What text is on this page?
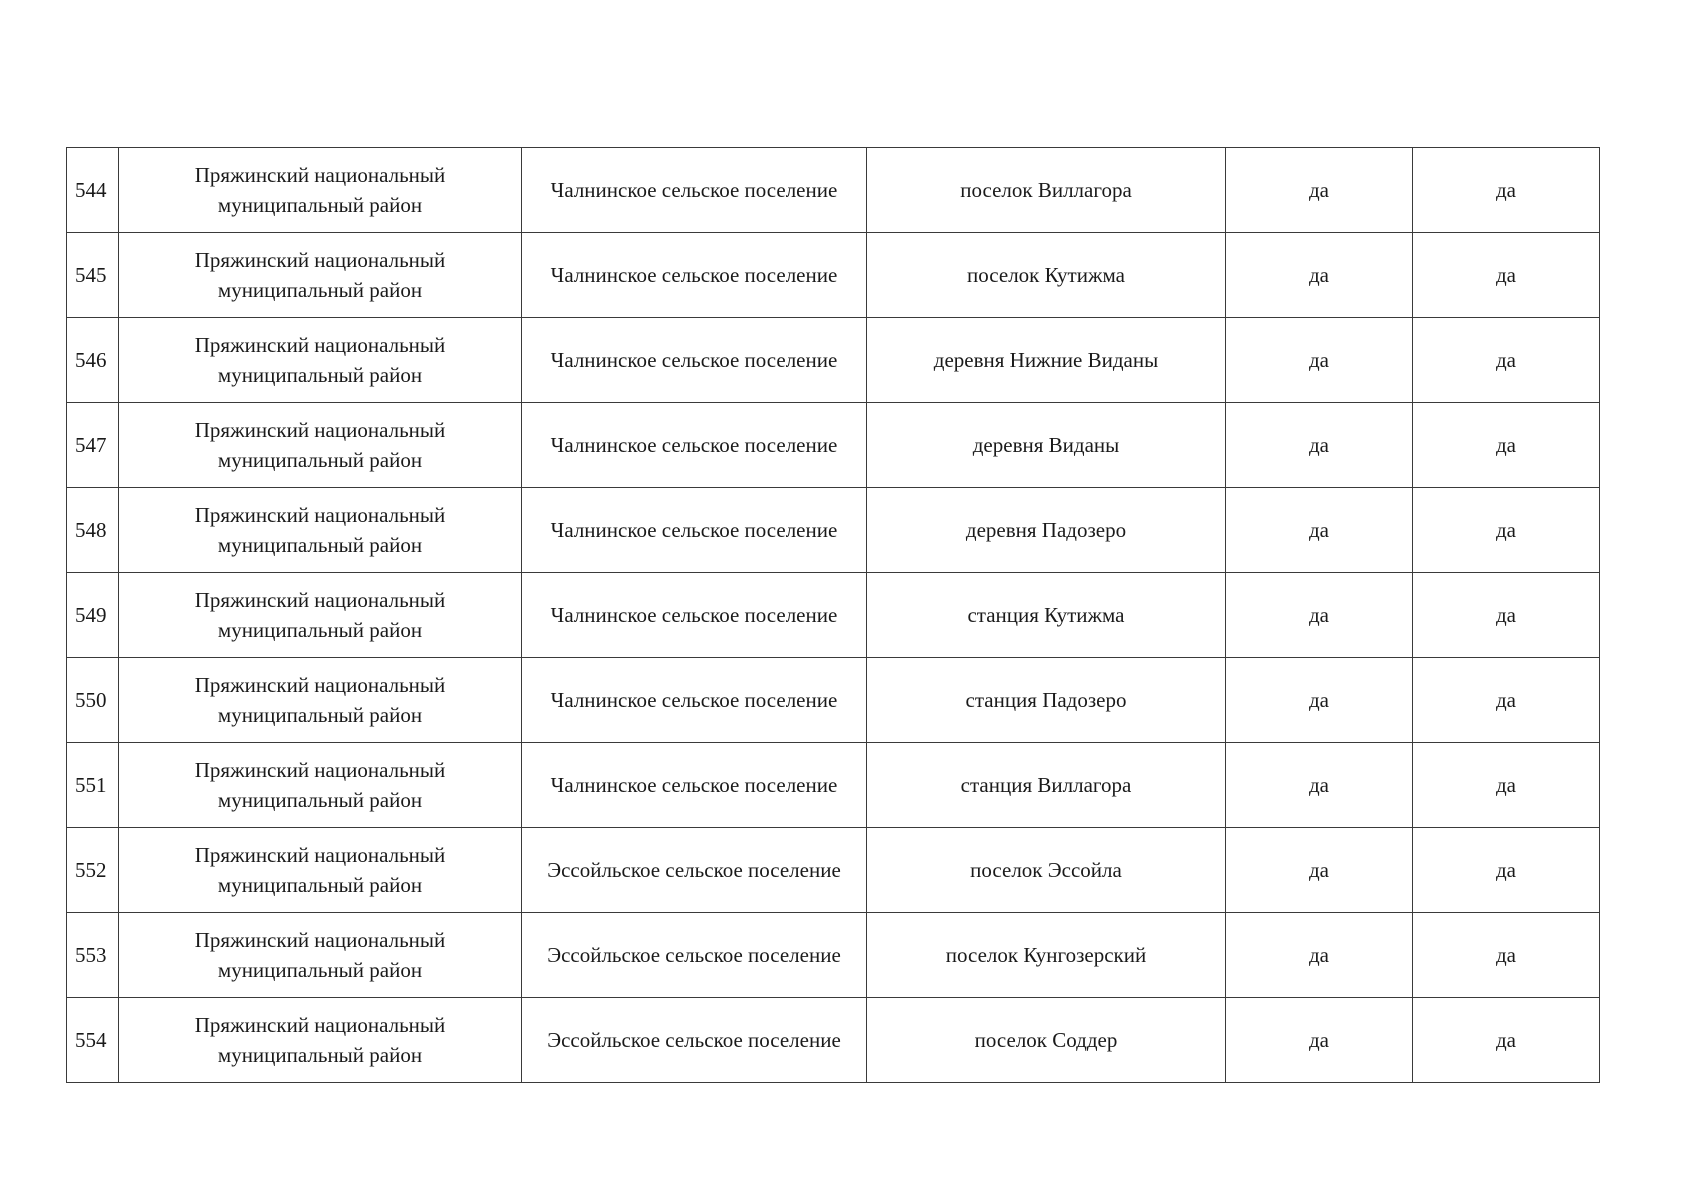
544	Пряжинский национальный
муниципальный район	Чалнинское сельское поселение	поселок Виллагора	да	да
545	Пряжинский национальный
муниципальный район	Чалнинское сельское поселение	поселок Кутижма	да	да
546	Пряжинский национальный
муниципальный район	Чалнинское сельское поселение	деревня Нижние Виданы	да	да
547	Пряжинский национальный
муниципальный район	Чалнинское сельское поселение	деревня Виданы	да	да
548	Пряжинский национальный
муниципальный район	Чалнинское сельское поселение	деревня Падозеро	да	да
549	Пряжинский национальный
муниципальный район	Чалнинское сельское поселение	станция Кутижма	да	да
550	Пряжинский национальный
муниципальный район	Чалнинское сельское поселение	станция Падозеро	да	да
551	Пряжинский национальный
муниципальный район	Чалнинское сельское поселение	станция Виллагора	да	да
552	Пряжинский национальный
муниципальный район	Эссойльское сельское поселение	поселок Эссойла	да	да
553	Пряжинский национальный
муниципальный район	Эссойльское сельское поселение	поселок Кунгозерский	да	да
554	Пряжинский национальный
муниципальный район	Эссойльское сельское поселение	поселок Соддер	да	да
